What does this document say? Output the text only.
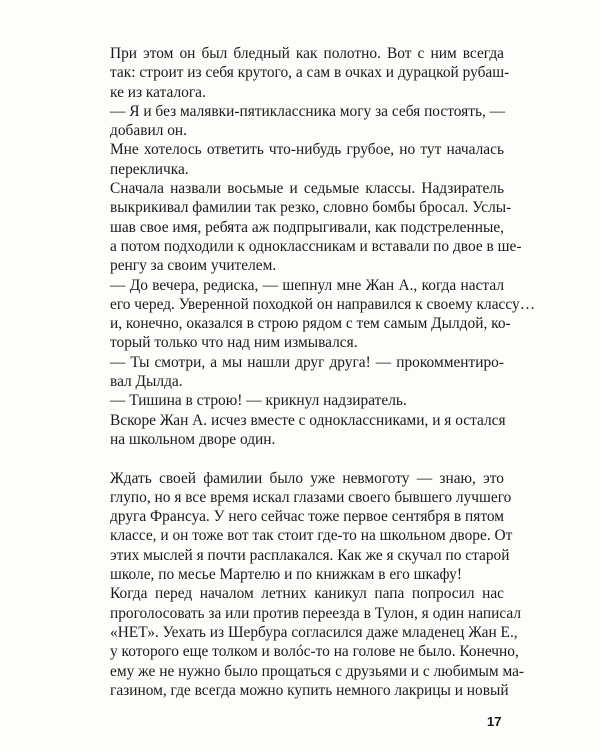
При этом он был бледный как полотно. Вот с ним всегда
так: строит из себя крутого, а сам в очках и дурацкой рубаш-
ке из каталога.

— Я и без малявки-пятиклассника могу за себя постоять, —
добавил он.

Мне хотелось ответить что-нибудь грубое, но тут началась
перекличка.

Сначала назвали восьмые и седьмые классы. Надзиратель
выкрикивал фамилии так резко, словно бомбы бросал. Услы-
шав свое имя, ребята аж подпрыгивали, как подстреленные,
а потом подходили к одноклассникам и вставали по двое в ше-
ренгу за своим учителем.

— До вечера, редиска, — шепнул мне Жан А., когда настал
его черед. Уверенной походкой он направился к своему классу…
и, конечно, оказался в строю рядом с тем самым Дылдой, ко-
торый только что над ним измывался.

— Ты смотри, а мы нашли друг друга! — прокомментиро-
вал Дылда.

— Тишина в строю! — крикнул надзиратель.

Вскоре Жан А. исчез вместе с одноклассниками, и я остался
на школьном дворе один.

Ждать своей фамилии было уже невмоготу — знаю, это
глупо, но я все время искал глазами своего бывшего лучшего
друга Франсуа. У него сейчас тоже первое сентября в пятом
классе, и он тоже вот так стоит где-то на школьном дворе. От
этих мыслей я почти расплакался. Как же я скучал по старой
школе, по месье Мартелю и по книжкам в его шкафу!

Когда перед началом летних каникул папа попросил нас
проголосовать за или против переезда в Тулон, я один написал
«НЕТ». Уехать из Шербура согласился даже младенец Жан Е.,
у которого еще толком и волóс-то на голове не было. Конечно,
ему же не нужно было прощаться с друзьями и с любимым ма-
газином, где всегда можно купить немного лакрицы и новый

17
